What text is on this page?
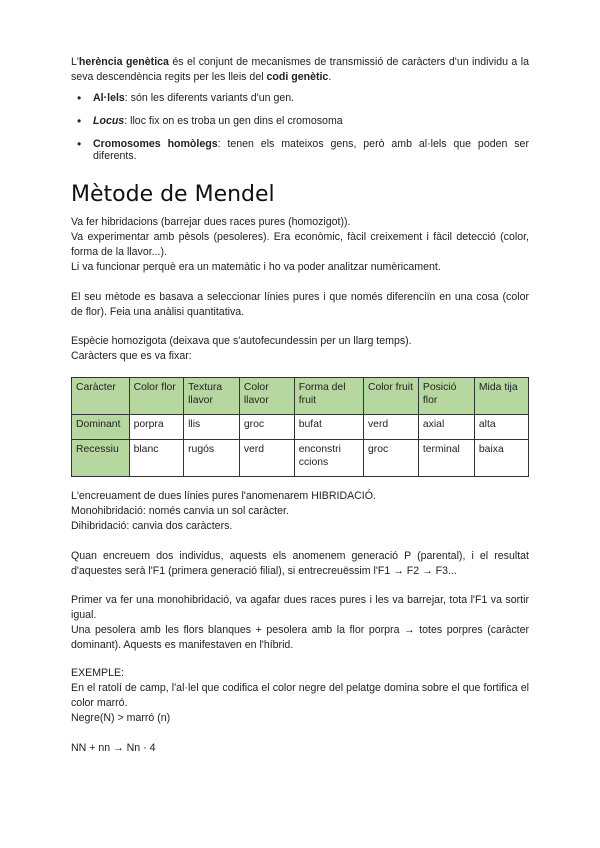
L'herència genètica és el conjunt de mecanismes de transmissió de caràcters d'un individu a la seva descendència regits per les lleis del codi genètic.

• Al·lels: són les diferents variants d'un gen.
• Locus: lloc fix on es troba un gen dins el cromosoma
• Cromosomes homòlegs: tenen els mateixos gens, però amb al·lels que poden ser diferents.
Mètode de Mendel

Va fer hibridacions (barrejar dues races pures (homozigot)).

Va experimentar amb pèsols (pesoleres). Era econòmic, fàcil creixement i fàcil detecció (color, forma de la llavor...).

Li va funcionar perquè era un matemàtic i ho va poder analitzar numèricament.

El seu mètode es basava a seleccionar línies pures i que només diferenciïn en una cosa (color de flor). Feia una anàlisi quantitativa.

Espècie homozigota (deixava que s'autofecundessin per un llarg temps).

Caràcters que es va fixar:

Caràcter	Color flor	Textura llavor	Color llavor	Forma del fruit	Color fruit	Posició flor	Mida tija
Dominant	porpra	llis	groc	bufat	verd	axial	alta
Recessiu	blanc	rugós	verd	enconstri ccions	groc	terminal	baixa

L'encreuament de dues línies pures l'anomenarem HIBRIDACIÓ.

Monohibridació: només canvia un sol caràcter.

Dihibridació: canvia dos caràcters.

Quan encreuem dos individus, aquests els anomenem generació P (parental), i el resultat d'aquestes serà l'F1 (primera generació filial), si entrecreuëssim l'F1 → F2 → F3...

Primer va fer una monohibridació, va agafar dues races pures i les va barrejar, tota l'F1 va sortir igual.

Una pesolera amb les flors blanques + pesolera amb la flor porpra → totes porpres (caràcter dominant). Aquests es manifestaven en l'híbrid.

EXEMPLE:

En el ratolí de camp, l'al·lel que codifica el color negre del pelatge domina sobre el que fortifica el color marró.

Negre(N) > marró (n)

NN + nn → Nn · 4
